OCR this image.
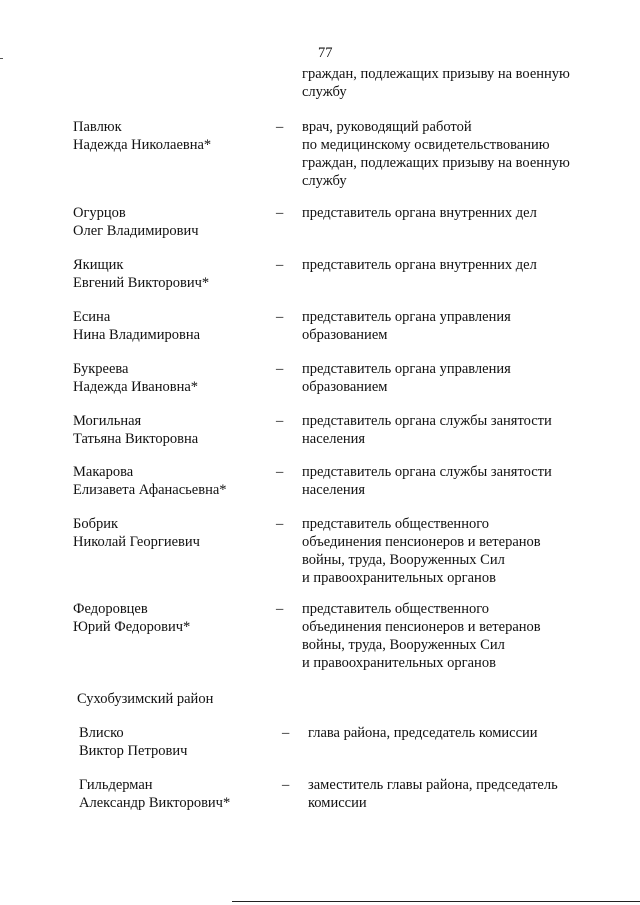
77
граждан, подлежащих призыву на военную
службу
Павлюк
Надежда Николаевна*
– врач, руководящий работой
по медицинскому освидетельствованию
граждан, подлежащих призыву на военную
службу
Огурцов
Олег Владимирович
– представитель органа внутренних дел
Якищик
Евгений Викторович*
– представитель органа внутренних дел
Есина
Нина Владимировна
– представитель органа управления
образованием
Букреева
Надежда Ивановна*
– представитель органа управления
образованием
Могильная
Татьяна Викторовна
– представитель органа службы занятости
населения
Макарова
Елизавета Афанасьевна*
– представитель органа службы занятости
населения
Бобрик
Николай Георгиевич
– представитель общественного
объединения пенсионеров и ветеранов
войны, труда, Вооруженных Сил
и правоохранительных органов
Федоровцев
Юрий Федорович*
– представитель общественного
объединения пенсионеров и ветеранов
войны, труда, Вооруженных Сил
и правоохранительных органов
Сухобузимский район
Влиско
Виктор Петрович
– глава района, председатель комиссии
Гильдерман
Александр Викторович*
– заместитель главы района, председатель
комиссии
